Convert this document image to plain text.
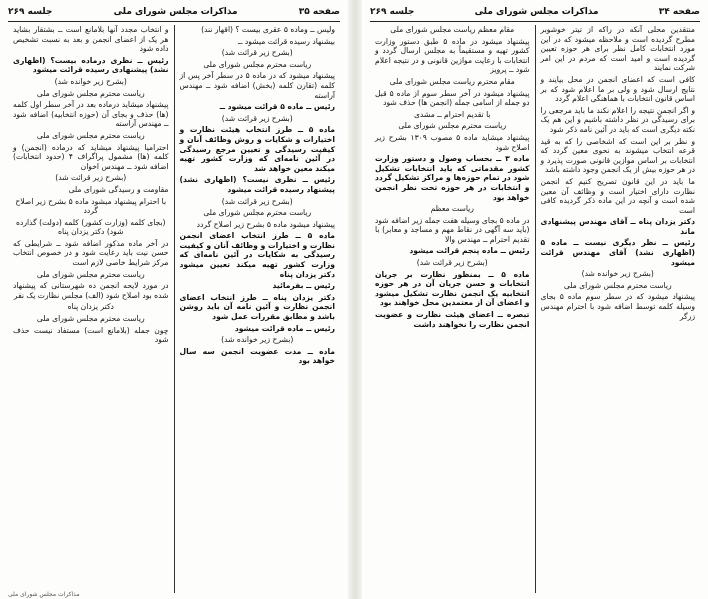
صفحه ۳۵
مذاکرات مجلس شورای ملی
جلسه ۲۶۹

ولیس ــ وماده ۵ عقری بیست ؟ (اقهار نند)

بیشنهاد رسیده قرائت میشود ــ

(بشرح زیر قرائت شد)

ریاست محترم مجلس شورای ملی

پیشنهاد میشود که در ماده ۵ در سطر آخر پس از کلمه (تقارن کلمه (بخش) اضافه شود ــ مهندس آراسته

رئیس ــ ماده ۵ قرائت میشود ــ

(بشرح زیر قرائت شد)

ماده ۵ ــ طرز انتخاب هیئت نظارت و اختیارات و شکایات و روش وظائف آنان و کیفیت رسیدگی و تعیین مرجع رسیدگی در آئین نامه‌ای که وزارت کشور تهیه میکند معین خواهد شد

رئیس ــ نظری نیست؟ (اظهاری نشد) پیشنهاد رسیده قرائت میشود

(بشرح زیر قرائت شد)

ریاست محترم مجلس شورای ملی

پیشنهاد میشود ماده ۵ بشرح زیر اصلاح گردد

ماده ۵ ــ طرز انتخاب اعضای انجمن نظارت و اختیارات و وظائف آنان و کیفیت رسیدگی به شکایات در آئین نامه‌ای که وزارت کشور تهیه میکند تعیین میشود دکتر یزدان پناه

رئیس ــ بفرمائید

دکتر یزدان پناه ــ طرز انتخاب اعضای انجمن نظارت و آئین نامه آن باید روشن باشد و مطابق مقررات عمل شود

رئیس ــ ماده قرائت میشود

(بشرح زیر خوانده شد)

ماده ــ مدت عضویت انجمن سه سال خواهد بود

و انتخاب مجدد آنها بلامانع است ــ بشتقار بشاید هر یک از اعضای انجمن و بعد به نسبت تشخیص داده شود

رئیس ــ نظری درماده بیست؟ (اظهاری نشد) پیشنهادی رسیده قرائت میشود

(بشرح زیر خوانده شد)

ریاست محترم مجلس شورای ملی

پیشنهاد میشاید درماده بعد در آخر سطر اول کلمه (ها) حذف و بجای آن (حوزه انتخابیه) اضافه شود ــ مهندس آراسته

ریاست محترم مجلس شورای ملی

احترامیا پیشنهاد میشاید که درماده (انجمن) و کلمه (ها) مشمول پراگراف ۴ (حدود انتخابات) اضافه شود ــ مهندس اخوان

(بشرح زیر قرائت شد)

مقاومت و رسیدگی شورای ملی

با احترام پیشنهاد میشود ماده ۵ بشرح زیر اصلاح گردد

(بجای کلمه (وزارت کشور) کلمه (دولت) گذارده شود) دکتر یزدان پناه

در آخر ماده مذکور اضافه شود ــ شرایطی که حسن نیت باید رعایت شود و در خصوص انتخاب مرکز شرایط خاصی لازم است

ریاست محترم مجلس شورای ملی

در مورد لایحه انجمن ده شهرستانی که پیشنهاد شده بود اصلاح شود (الف) مجلس نظارت یک نفر

دکتر یزدان پناه

ریاست محترم مجلس شورای ملی

چون جمله (بلامانع است) مستفاد نیست حذف شود

مذاکرات مجلس شورای ملی
صفحه ۳۴
مذاکرات مجلس شورای ملی
جلسه ۲۶۹

منتقدین محلی آنکه در راکه از تیتر خوشوبر مطرح گردیده است و ملاحظه میشود که در این مورد انتخابات کامل نظر برای هر حوزه تعیین گردیده است و امید است که مردم در این امر شرکت نمایند

کافی است که اعضای انجمن در محل بیایند و نتایج ارسال شود و ولی بر ما اعلام شود که بر اساس قانون انتخابات با هماهنگی اعلام گردد

و اگر انجمن نتیجه را اعلام نکند ما باید مرجعی را برای رسیدگی در نظر داشته باشیم و این هم یک نکته دیگری است که باید در آئین نامه ذکر شود

و نظر بر این است که اشخاصی را که به قید قرعه انتخاب میشوند به نحوی معین گردد که انتخابات بر اساس موازین قانونی صورت پذیرد و در هر حوزه بیش از یک انجمن وجود داشته باشد

ما باید در این قانون تصریح کنیم که انجمن نظارت دارای اختیار است و وظائف آن معین شده است و آنچه در این ماده ذکر گردیده کافی است

دکتر یزدان پناه ــ آقای مهندس پیشنهادی ماند

رئیس ــ نظر دیگری نیست ــ ماده ۵ (اظهاری نشد) آقای مهندس قرائت میشود

(بشرح زیر خوانده شد)

ریاست محترم مجلس شورای ملی

پیشنهاد میشود که در سطر سوم ماده ۵ بجای وسیله کلمه توسط اضافه شود با احترام مهندس زرگر

مقام معظم ریاست مجلس شورای ملی

پیشنهاد میشود در ماده ۵ طبق دستور وزارت کشور تهیه و مستقیماً به مجلس ارسال گردد و انتخابات با رعایت موازین قانونی و در نتیجه اعلام شود ــ پرویز

مقام محترم ریاست مجلس شورای ملی

پیشنهاد میشود در آخر سطر سوم از ماده ۵ قبل دو جمله از اسامی جمله (انجمن ها) حذف شود

با تقدیم احترام ــ مشدی

ریاست محترم مجلس شورای ملی

پیشنهاد میشاید ماده ۵ مصوب ۱۳۰۹ بشرح زیر اصلاح شود

ماده ۳ ــ بحساب وصول و دستور وزارت کشور مقدماتی که باید انتخابات تشکیل شود در تمام حوزه‌ها و مراکز تشکیل گردد و انتخابات در هر حوزه تحت نظر انجمن خواهد بود

ریاست معظم

در ماده ۵ بجای وسیله هفت جمله زیر اضافه شود (باید سه آگهی در نقاط مهم و مساجد و معابر) با تقدیم احترام ــ مهندس والا

رئیس ــ ماده پنجم قرائت میشود

(بشرح زیر قرائت شد)

ماده ۵ ــ بمنظور نظارت بر جریان انتخابات و حسن جریان آن در هر حوزه انتخابیه یک انجمن نظارت تشکیل میشود و اعضای آن از معتمدین محل خواهند بود

تبصره ــ اعضای هیئت نظارت و عضویت انجمن نظارت را نخواهند داشت
